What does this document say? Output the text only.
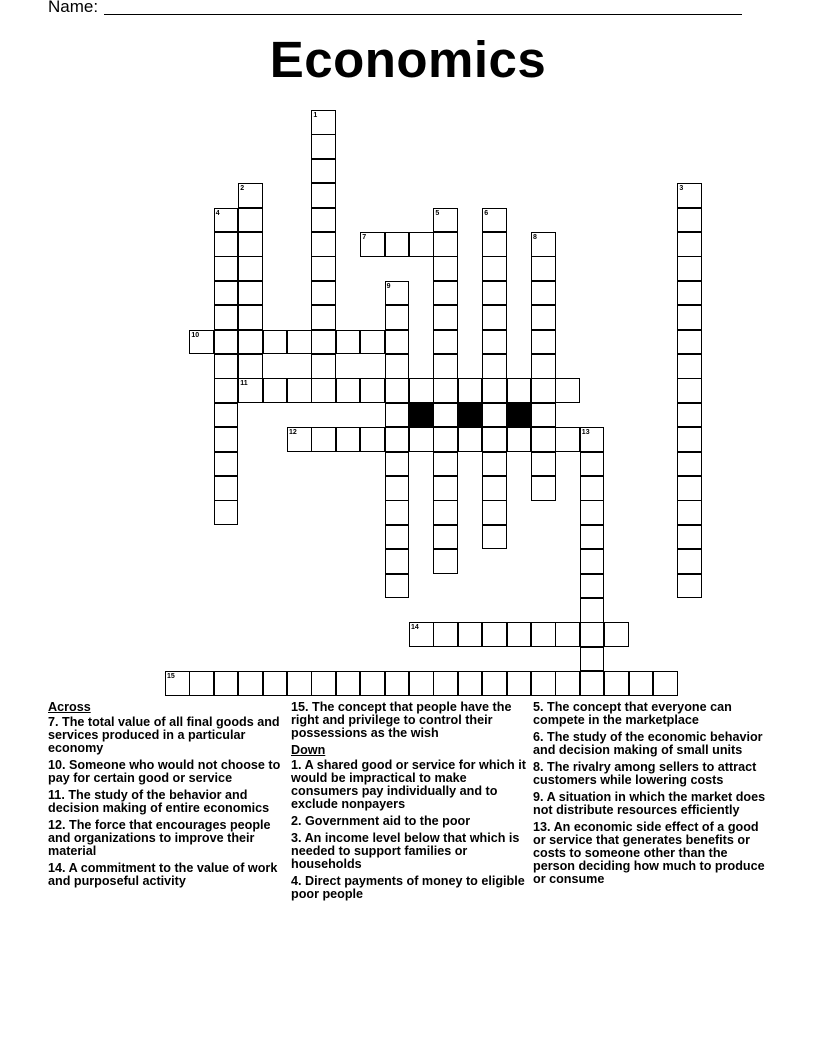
Name:
Economics
1
2	3
4	5	6
7	8
9
10
11
12	13
14
15
Across
7. The total value of all final goods and services produced in a particular economy
10. Someone who would not choose to pay for certain good or service
11. The study of the behavior and decision making of entire economics
12. The force that encourages people and organizations to improve their material
14. A commitment to the value of work and purposeful activity
15. The concept that people have the right and privilege to control their possessions as the wish
Down
1. A shared good or service for which it would be impractical to make consumers pay individually and to exclude nonpayers
2. Government aid to the poor
3. An income level below that which is needed to support families or households
4. Direct payments of money to eligible poor people
5. The concept that everyone can compete in the marketplace
6. The study of the economic behavior and decision making of small units
8. The rivalry among sellers to attract customers while lowering costs
9. A situation in which the market does not distribute resources efficiently
13. An economic side effect of a good or service that generates benefits or costs to someone other than the person deciding how much to produce or consume
